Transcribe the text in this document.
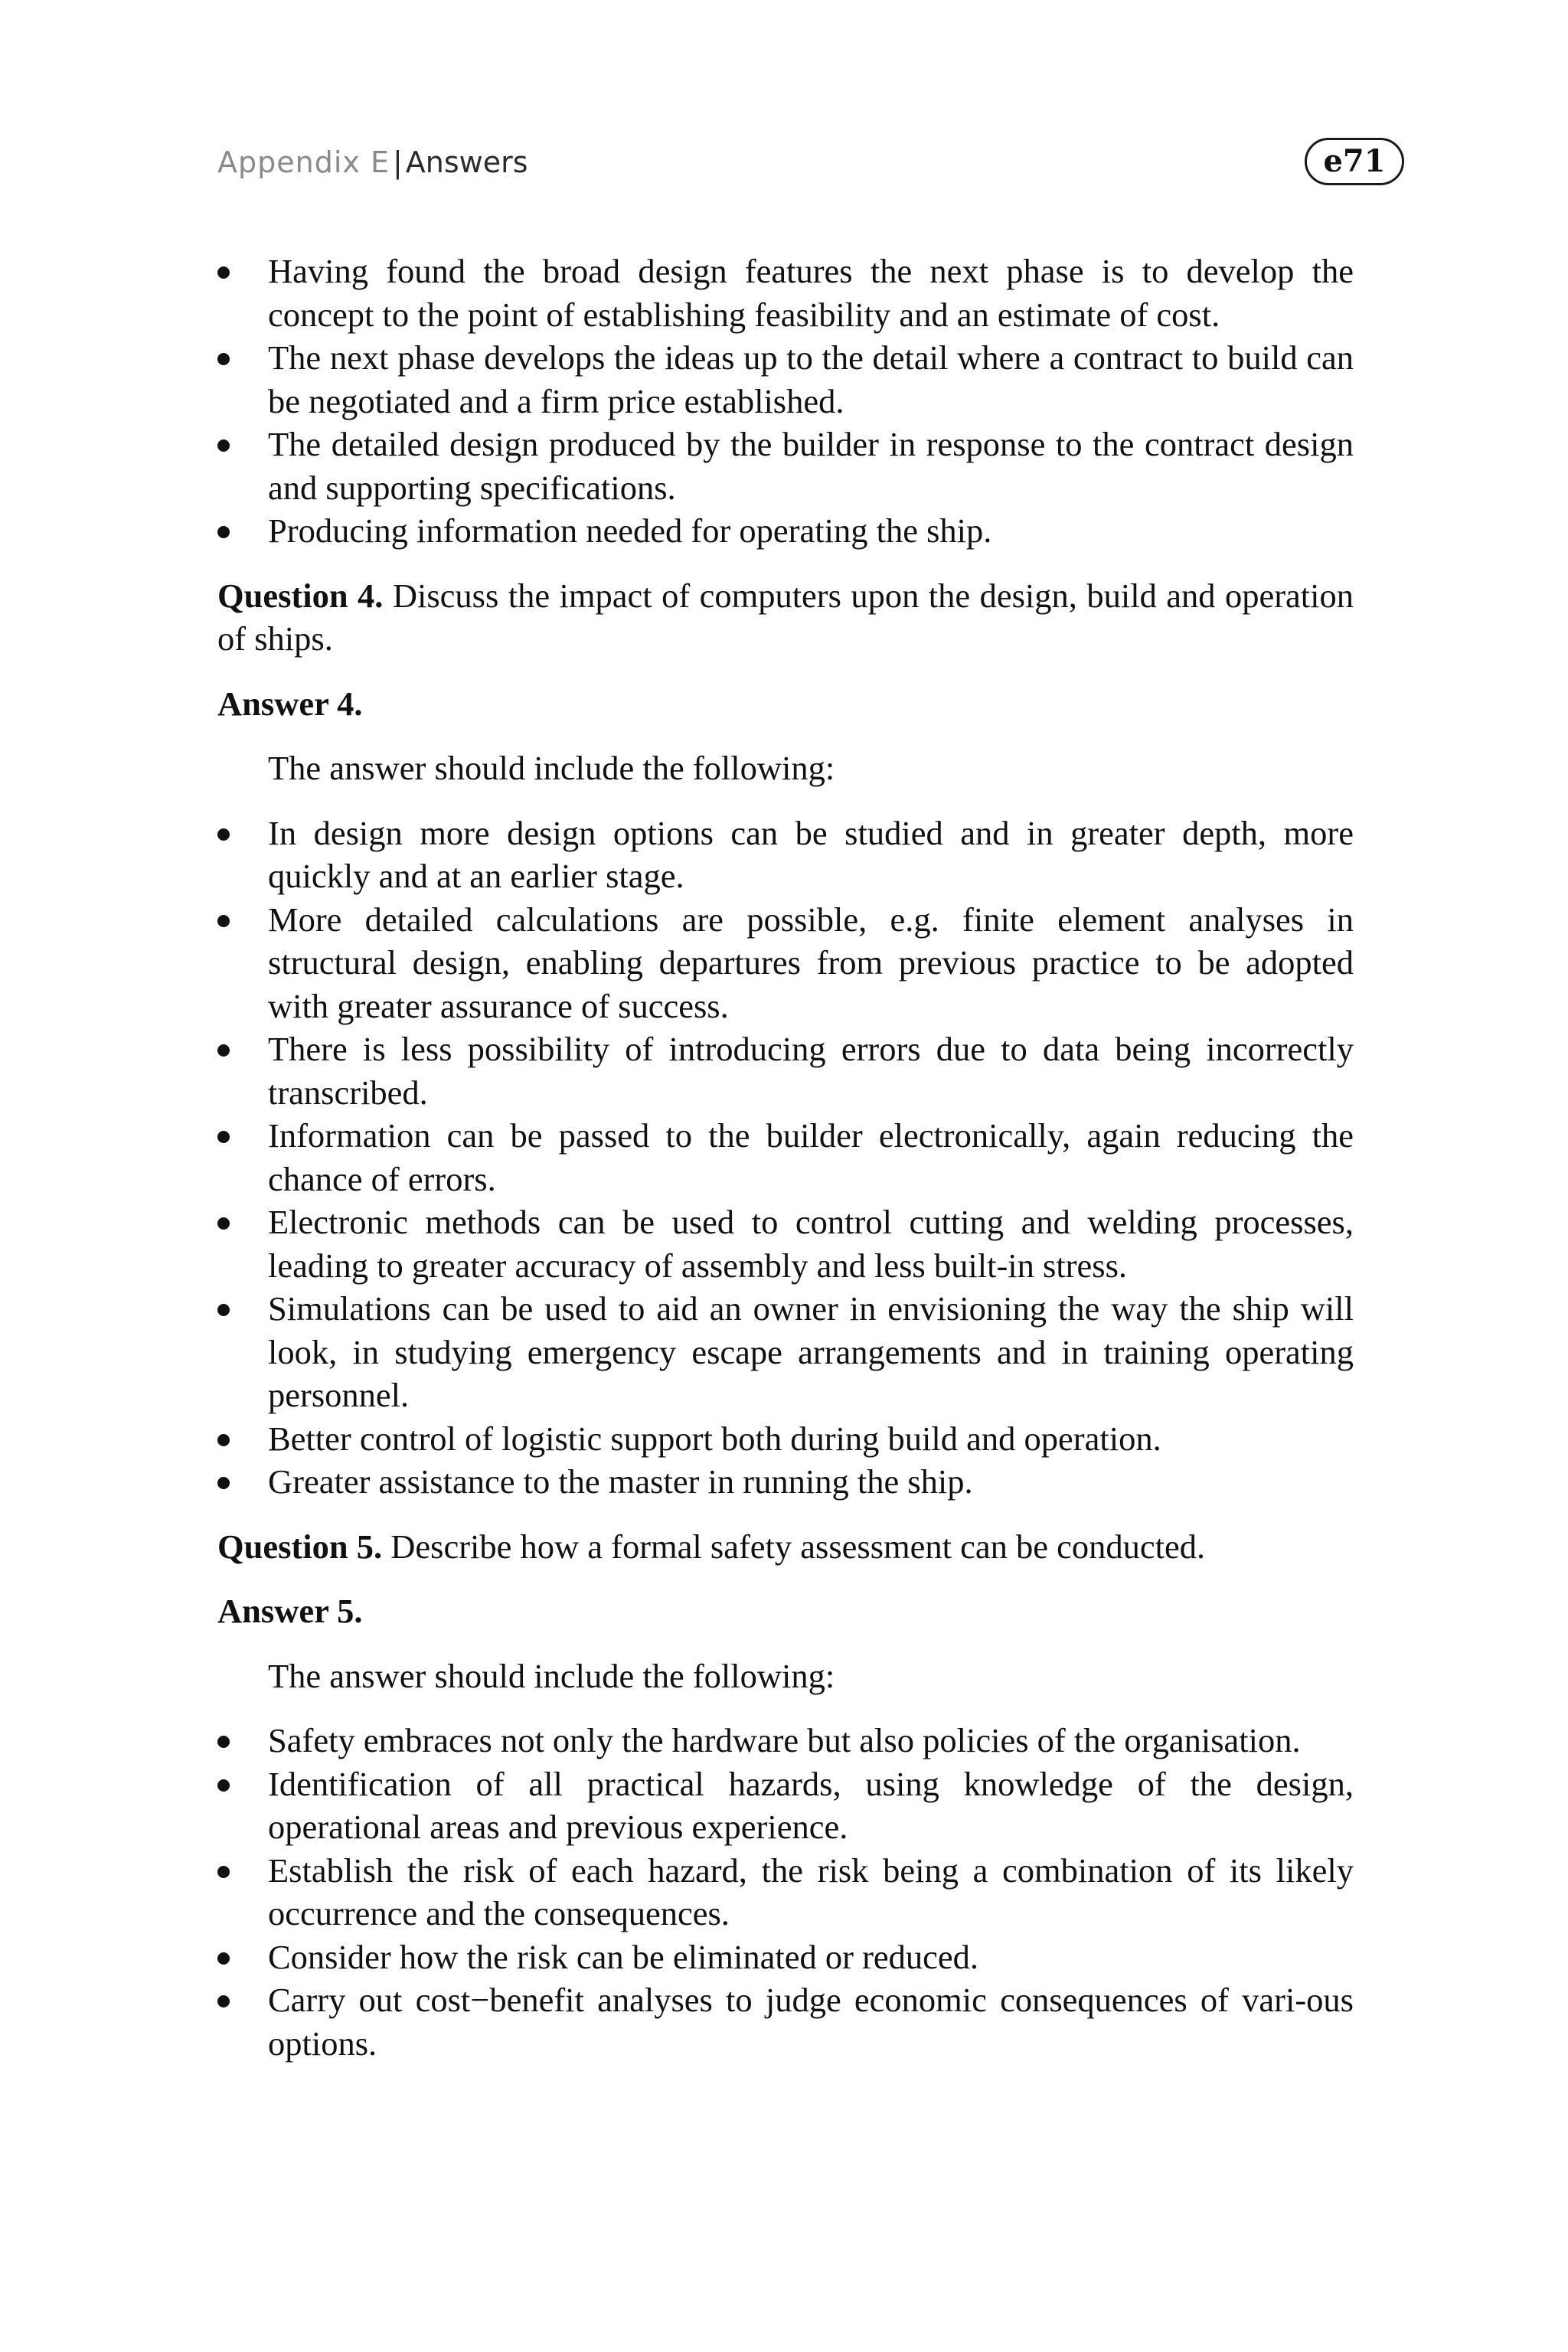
Appendix E | Answers	e71
Having found the broad design features the next phase is to develop the concept to the point of establishing feasibility and an estimate of cost.
The next phase develops the ideas up to the detail where a contract to build can be negotiated and a firm price established.
The detailed design produced by the builder in response to the contract design and supporting specifications.
Producing information needed for operating the ship.

Question 4. Discuss the impact of computers upon the design, build and operation of ships.

Answer 4.

The answer should include the following:

In design more design options can be studied and in greater depth, more quickly and at an earlier stage.
More detailed calculations are possible, e.g. finite element analyses in structural design, enabling departures from previous practice to be adopted with greater assurance of success.
There is less possibility of introducing errors due to data being incorrectly transcribed.
Information can be passed to the builder electronically, again reducing the chance of errors.
Electronic methods can be used to control cutting and welding processes, leading to greater accuracy of assembly and less built-in stress.
Simulations can be used to aid an owner in envisioning the way the ship will look, in studying emergency escape arrangements and in training operating personnel.
Better control of logistic support both during build and operation.
Greater assistance to the master in running the ship.

Question 5. Describe how a formal safety assessment can be conducted.

Answer 5.

The answer should include the following:

Safety embraces not only the hardware but also policies of the organisation.
Identification of all practical hazards, using knowledge of the design, operational areas and previous experience.
Establish the risk of each hazard, the risk being a combination of its likely occurrence and the consequences.
Consider how the risk can be eliminated or reduced.
Carry out cost−benefit analyses to judge economic consequences of vari-ous options.
